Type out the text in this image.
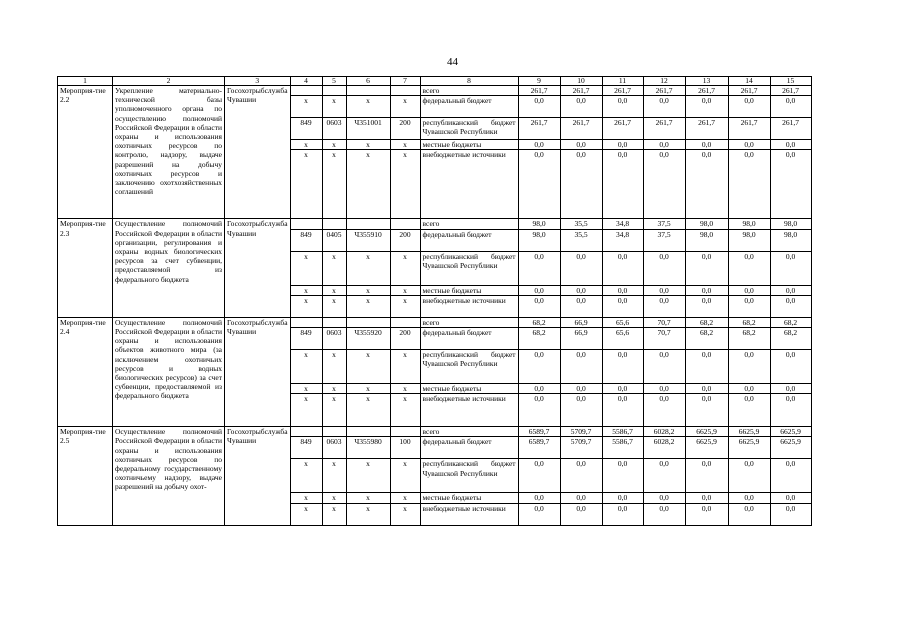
44
1	2	3	4	5	6	7	8	9	10	11	12	13	14	15
Мероприя-тие 2.2	Укрепление материально-технической базы уполномоченного органа по осуществлению полномочий Российской Федерации в области охраны и использования охотничьих ресурсов по контролю, надзору, выдаче разрешений на добычу охотничьих ресурсов и заключению охотхозяйственных соглашений	Госохотрыбслужба Чувашии					всего	261,7	261,7	261,7	261,7	261,7	261,7	261,7
			x	x	x	x	федеральный бюджет	0,0	0,0	0,0	0,0	0,0	0,0	0,0
			849	0603	Ч351001	200	республиканский бюджет Чувашской Республики	261,7	261,7	261,7	261,7	261,7	261,7	261,7
			x	x	x	x	местные бюджеты	0,0	0,0	0,0	0,0	0,0	0,0	0,0
			x	x	x	x	внебюджетные источники	0,0	0,0	0,0	0,0	0,0	0,0	0,0
Мероприя-тие 2.3	Осуществление полномочий Российской Федерации в области организации, регулирования и охраны водных биологических ресурсов за счет субвенции, предоставляемой из федерального бюджета	Госохотрыбслужба Чувашии					всего	98,0	35,5	34,8	37,5	98,0	98,0	98,0
			849	0405	Ч355910	200	федеральный бюджет	98,0	35,5	34,8	37,5	98,0	98,0	98,0
			x	x	x	x	республиканский бюджет Чувашской Республики	0,0	0,0	0,0	0,0	0,0	0,0	0,0
			x	x	x	x	местные бюджеты	0,0	0,0	0,0	0,0	0,0	0,0	0,0
			x	x	x	x	внебюджетные источники	0,0	0,0	0,0	0,0	0,0	0,0	0,0
Мероприя-тие 2.4	Осуществление полномочий Российской Федерации в области охраны и использования объектов животного мира (за исключением охотничьих ресурсов и водных биологических ресурсов) за счет субвенции, предоставляемой из федерального бюджета	Госохотрыбслужба Чувашии					всего	68,2	66,9	65,6	70,7	68,2	68,2	68,2
			849	0603	Ч355920	200	федеральный бюджет	68,2	66,9	65,6	70,7	68,2	68,2	68,2
			x	x	x	x	республиканский бюджет Чувашской Республики	0,0	0,0	0,0	0,0	0,0	0,0	0,0
			x	x	x	x	местные бюджеты	0,0	0,0	0,0	0,0	0,0	0,0	0,0
			x	x	x	x	внебюджетные источники	0,0	0,0	0,0	0,0	0,0	0,0	0,0
Мероприя-тие 2.5	Осуществление полномочий Российской Федерации в области охраны и использования охотничьих ресурсов по федеральному государственному охотничьему надзору, выдаче разрешений на добычу охот-	Госохотрыбслужба Чувашии					всего	6589,7	5709,7	5586,7	6028,2	6625,9	6625,9	6625,9
			849	0603	Ч355980	100	федеральный бюджет	6589,7	5709,7	5586,7	6028,2	6625,9	6625,9	6625,9
			x	x	x	x	республиканский бюджет Чувашской Республики	0,0	0,0	0,0	0,0	0,0	0,0	0,0
			x	x	x	x	местные бюджеты	0,0	0,0	0,0	0,0	0,0	0,0	0,0
			x	x	x	x	внебюджетные источники	0,0	0,0	0,0	0,0	0,0	0,0	0,0
